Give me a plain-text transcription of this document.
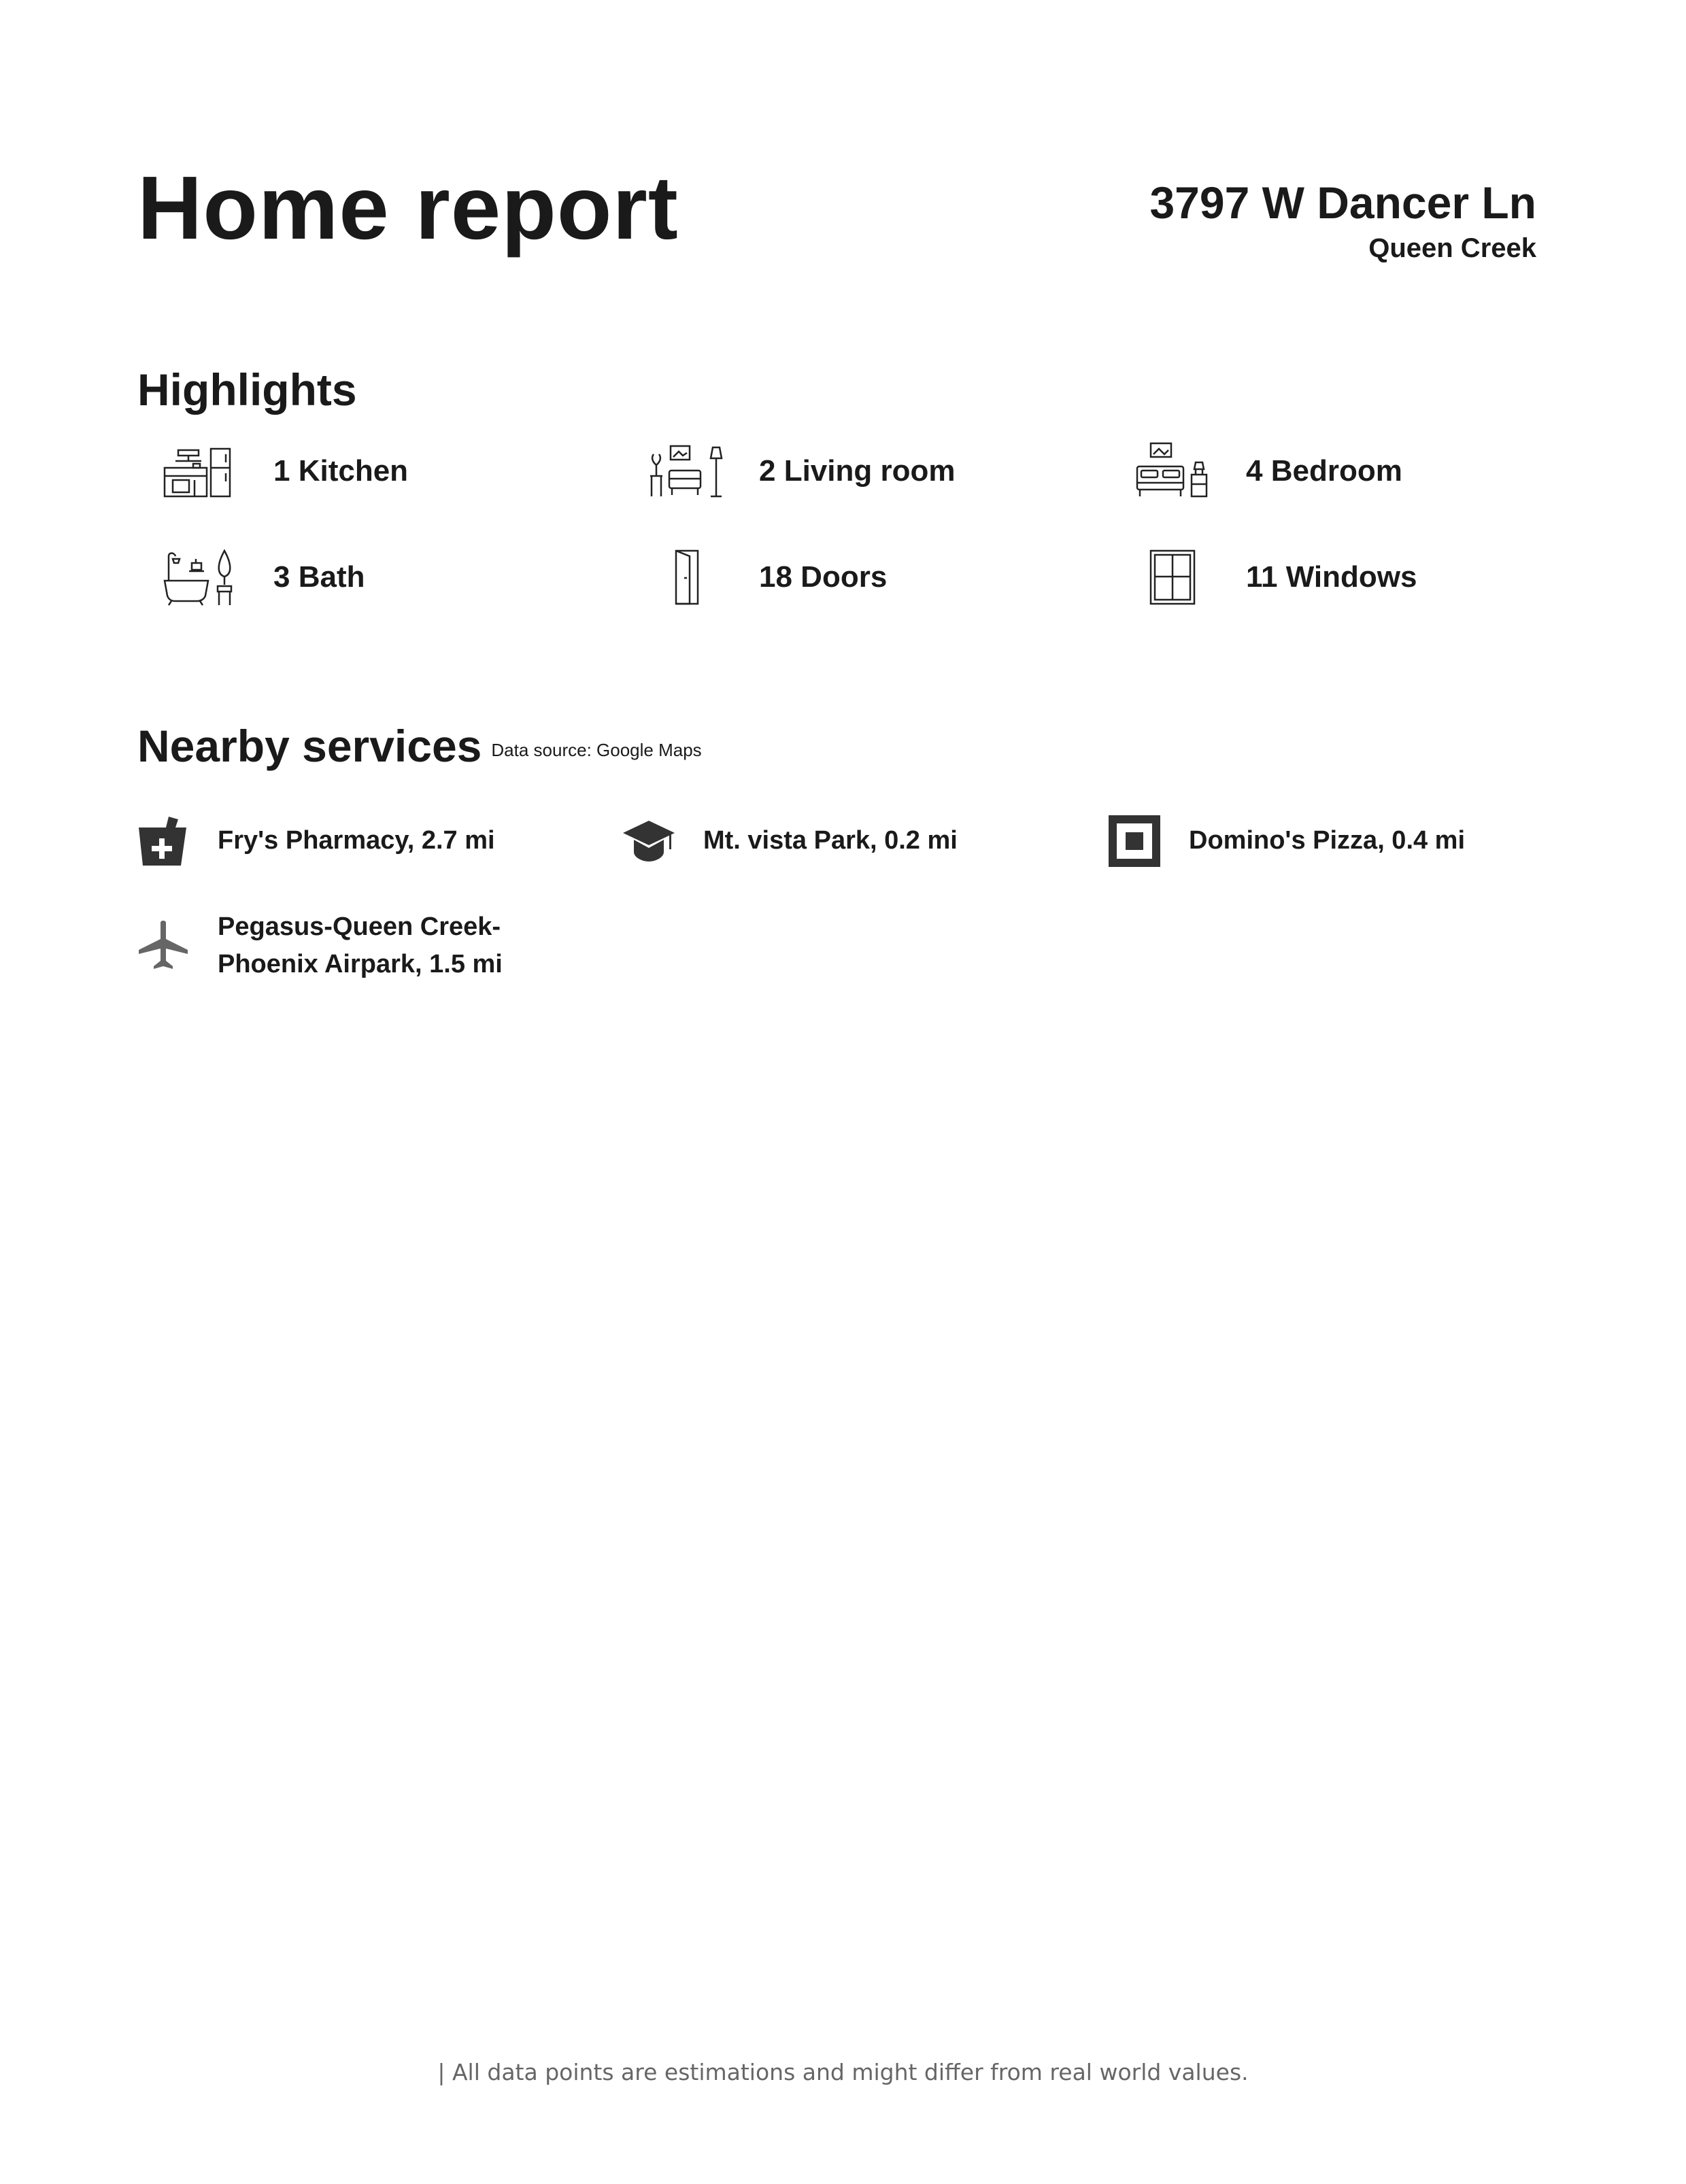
Home report	3797 W Dancer Ln
Queen Creek
Highlights
1 Kitchen	2 Living room	4 Bedroom
3 Bath	18 Doors	11 Windows
Nearby services Data source: Google Maps
Fry's Pharmacy, 2.7 mi	Mt. vista Park, 0.2 mi	Domino's Pizza, 0.4 mi
Pegasus-Queen Creek-
Phoenix Airpark, 1.5 mi
| All data points are estimations and might differ from real world values.
